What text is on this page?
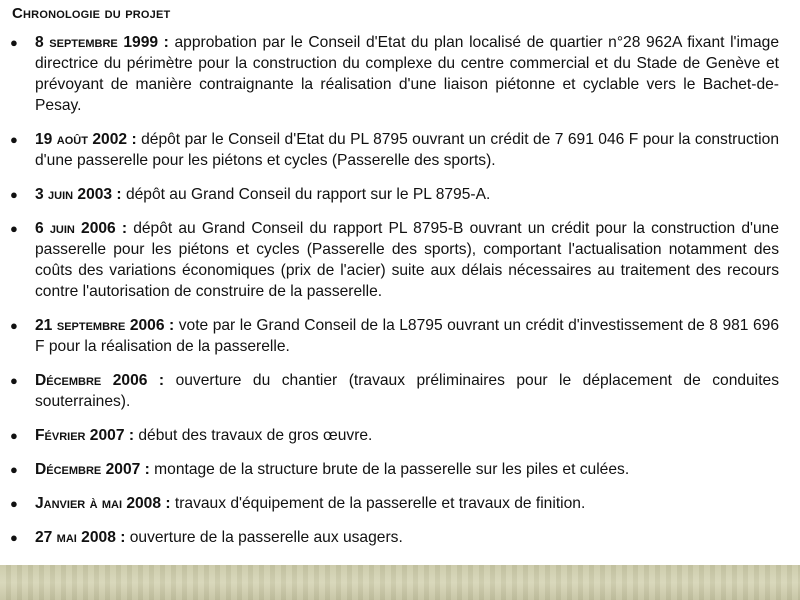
Chronologie du projet
● 8 septembre 1999 : approbation par le Conseil d'Etat du plan localisé de quartier n°28 962A fixant l'image directrice du périmètre pour la construction du complexe du centre commercial et du Stade de Genève et prévoyant de manière contraignante la réalisation d'une liaison piétonne et cyclable vers le Bachet-de-Pesay.
● 19 août 2002 : dépôt par le Conseil d'Etat du PL 8795 ouvrant un crédit de 7 691 046 F pour la construction d'une passerelle pour les piétons et cycles (Passerelle des sports).
● 3 juin 2003 : dépôt au Grand Conseil du rapport sur le PL 8795-A.
● 6 juin 2006 : dépôt au Grand Conseil du rapport PL 8795-B ouvrant un crédit pour la construction d'une passerelle pour les piétons et cycles (Passerelle des sports), comportant l'actualisation notamment des coûts des variations économiques (prix de l'acier) suite aux délais nécessaires au traitement des recours contre l'autorisation de construire de la passerelle.
● 21 septembre 2006 : vote par le Grand Conseil de la L8795 ouvrant un crédit d'investissement de 8 981 696 F pour la réalisation de la passerelle.
● Décembre 2006 : ouverture du chantier (travaux préliminaires pour le déplacement de conduites souterraines).
● Février 2007 : début des travaux de gros œuvre.
● Décembre 2007 : montage de la structure brute de la passerelle sur les piles et culées.
● Janvier à mai 2008 : travaux d'équipement de la passerelle et travaux de finition.
● 27 mai 2008 : ouverture de la passerelle aux usagers.
